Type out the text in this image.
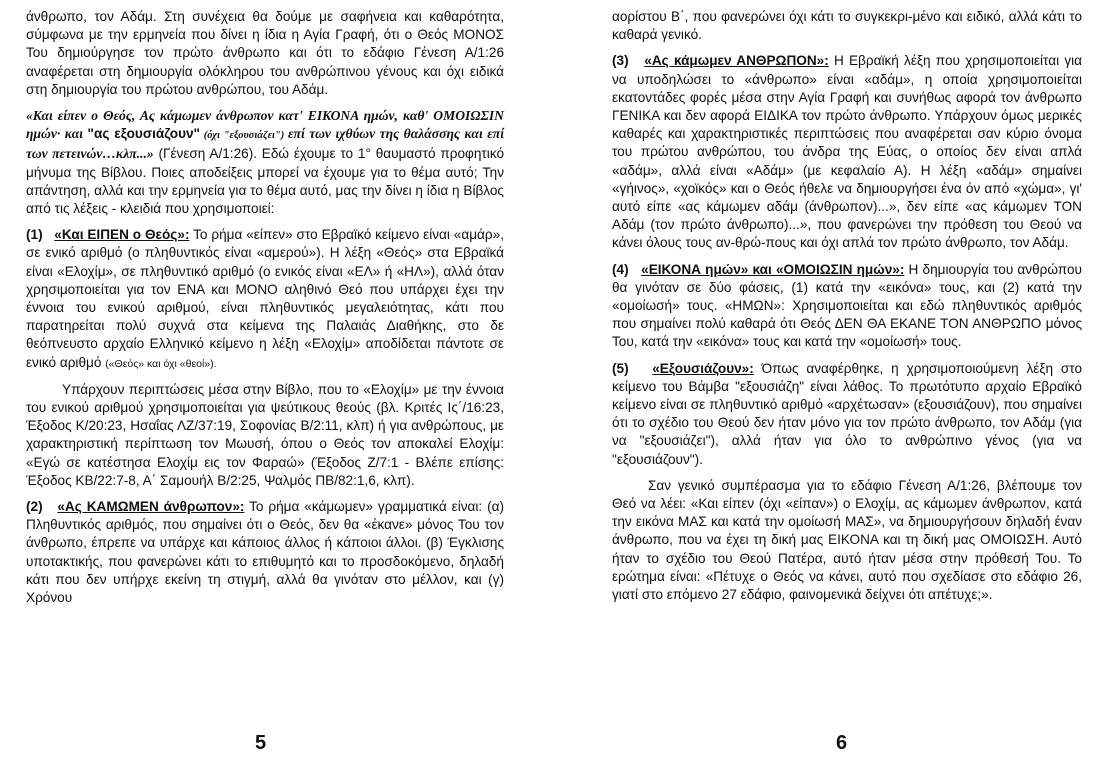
άνθρωπο, τον Αδάμ. Στη συνέχεια θα δούμε με σαφήνεια και καθαρότητα, σύμφωνα με την ερμηνεία που δίνει η ίδια η Αγία Γραφή, ότι ο Θεός ΜΟΝΟΣ Του δημιούργησε τον πρώτο άνθρωπο και ότι το εδάφιο Γένεση Α/1:26 αναφέρεται στη δημιουργία ολόκληρου του ανθρώπινου γένους και όχι ειδικά στη δημιουργία του πρώτου ανθρώπου, του Αδάμ.

«Και είπεν ο Θεός, Ας κάμωμεν άνθρωπον κατ' ΕΙΚΟΝΑ ημών, καθ' ΟΜΟΙΩΣΙΝ ημών· και "ας εξουσιάζουν" (όχι "εξουσιάζει") επί των ιχθύων της θαλάσσης και επί των πετεινών…κλπ...» (Γένεση Α/1:26). Εδώ έχουμε το 1° θαυμαστό προφητικό μήνυμα της Βίβλου. Ποιες αποδείξεις μπορεί να έχουμε για το θέμα αυτό; Την απάντηση, αλλά και την ερμηνεία για το θέμα αυτό, μας την δίνει η ίδια η Βίβλος από τις λέξεις - κλειδιά που χρησιμοποιεί:

(1) «Και ΕΙΠΕΝ ο Θεός»: Το ρήμα «είπεν» στο Εβραϊκό κείμενο είναι «αμάρ», σε ενικό αριθμό (ο πληθυντικός είναι «αμερού»). Η λέξη «Θεός» στα Εβραϊκά είναι «Ελοχίμ», σε πληθυντικό αριθμό (ο ενικός είναι «ΕΛ» ή «ΗΛ»), αλλά όταν χρησιμοποιείται για τον ΕΝΑ και ΜΟΝΟ αληθινό Θεό που υπάρχει έχει την έννοια του ενικού αριθμού, είναι πληθυντικός μεγαλειότητας, κάτι που παρατηρείται πολύ συχνά στα κείμενα της Παλαιάς Διαθήκης, στο δε θεόπνευστο αρχαίο Ελληνικό κείμενο η λέξη «Ελοχίμ» αποδίδεται πάντοτε σε ενικό αριθμό («Θεός» και όχι «θεοί»).

Υπάρχουν περιπτώσεις μέσα στην Βίβλο, που το «Ελοχίμ» με την έννοια του ενικού αριθμού χρησιμοποιείται για ψεύτικους θεούς (βλ. Κριτές Ις΄/16:23, Έξοδος Κ/20:23, Ησαΐας ΛΖ/37:19, Σοφονίας Β/2:11, κλπ) ή για ανθρώπους, με χαρακτηριστική περίπτωση τον Μωυσή, όπου ο Θεός τον αποκαλεί Ελοχίμ: «Εγώ σε κατέστησα Ελοχίμ εις τον Φαραώ» (Έξοδος Ζ/7:1 - Βλέπε επίσης: Έξοδος ΚΒ/22:7-8, Α΄ Σαμουήλ Β/2:25, Ψαλμός ΠΒ/82:1,6, κλπ).

(2) «Ας ΚΑΜΩΜΕΝ άνθρωπον»: Το ρήμα «κάμωμεν» γραμματικά είναι: (α) Πληθυντικός αριθμός, που σημαίνει ότι ο Θεός, δεν θα «έκανε» μόνος Του τον άνθρωπο, έπρεπε να υπάρχε και κάποιος άλλος ή κάποιοι άλλοι. (β) Έγκλισης υποτακτικής, που φανερώνει κάτι το επιθυμητό και το προσδοκόμενο, δηλαδή κάτι που δεν υπήρχε εκείνη τη στιγμή, αλλά θα γινόταν στο μέλλον, και (γ) Χρόνου

5

αορίστου Β΄, που φανερώνει όχι κάτι το συγκεκρι-μένο και ειδικό, αλλά κάτι το καθαρά γενικό.

(3) «Ας κάμωμεν ΑΝΘΡΩΠΟΝ»: Η Εβραϊκή λέξη που χρησιμοποιείται για να υποδηλώσει το «άνθρωπο» είναι «αδάμ», η οποία χρησιμοποιείται εκατοντάδες φορές μέσα στην Αγία Γραφή και συνήθως αφορά τον άνθρωπο ΓΕΝΙΚΑ και δεν αφορά ΕΙΔΙΚΑ τον πρώτο άνθρωπο. Υπάρχουν όμως μερικές καθαρές και χαρακτηριστικές περιπτώσεις που αναφέρεται σαν κύριο όνομα του πρώτου ανθρώπου, του άνδρα της Εύας, ο οποίος δεν είναι απλά «αδάμ», αλλά είναι «Αδάμ» (με κεφαλαίο Α). Η λέξη «αδάμ» σημαίνει «γήινος», «χοϊκός» και ο Θεός ήθελε να δημιουργήσει ένα όν από «χώμα», γι' αυτό είπε «ας κάμωμεν αδάμ (άνθρωπον)...», δεν είπε «ας κάμωμεν ΤΟΝ Αδάμ (τον πρώτο άνθρωπο)...», που φανερώνει την πρόθεση του Θεού να κάνει όλους τους αν-θρώ-πους και όχι απλά τον πρώτο άνθρωπο, τον Αδάμ.

(4) «ΕΙΚΟΝΑ ημών» και «ΟΜΟΙΩΣΙΝ ημών»: Η δημιουργία του ανθρώπου θα γινόταν σε δύο φάσεις, (1) κατά την «εικόνα» τους, και (2) κατά την «ομοίωσή» τους. «ΗΜΩΝ»: Χρησιμοποιείται και εδώ πληθυντικός αριθμός που σημαίνει πολύ καθαρά ότι Θεός ΔΕΝ ΘΑ ΕΚΑΝΕ ΤΟΝ ΑΝΘΡΩΠΟ μόνος Του, κατά την «εικόνα» τους και κατά την «ομοίωσή» τους.

(5) «Εξουσιάζουν»: Όπως αναφέρθηκε, η χρησιμοποιούμενη λέξη στο κείμενο του Βάμβα "εξουσιάζη" είναι λάθος. Το πρωτότυπο αρχαίο Εβραϊκό κείμενο είναι σε πληθυντικό αριθμό «αρχέτωσαν» (εξουσιάζουν), που σημαίνει ότι το σχέδιο του Θεού δεν ήταν μόνο για τον πρώτο άνθρωπο, τον Αδάμ (για να "εξουσιάζει"), αλλά ήταν για όλο το ανθρώπινο γένος (για να "εξουσιάζουν").

Σαν γενικό συμπέρασμα για το εδάφιο Γένεση Α/1:26, βλέπουμε τον Θεό να λέει: «Και είπεν (όχι «είπαν») ο Ελοχίμ, ας κάμωμεν άνθρωπον, κατά την εικόνα ΜΑΣ και κατά την ομοίωσή ΜΑΣ», να δημιουργήσουν δηλαδή έναν άνθρωπο, που να έχει τη δική μας ΕΙΚΟΝΑ και τη δική μας ΟΜΟΙΩΣΗ. Αυτό ήταν το σχέδιο του Θεού Πατέρα, αυτό ήταν μέσα στην πρόθεσή Του. Το ερώτημα είναι: «Πέτυχε ο Θεός να κάνει, αυτό που σχεδίασε στο εδάφιο 26, γιατί στο επόμενο 27 εδάφιο, φαινομενικά δείχνει ότι απέτυχε;».

6
